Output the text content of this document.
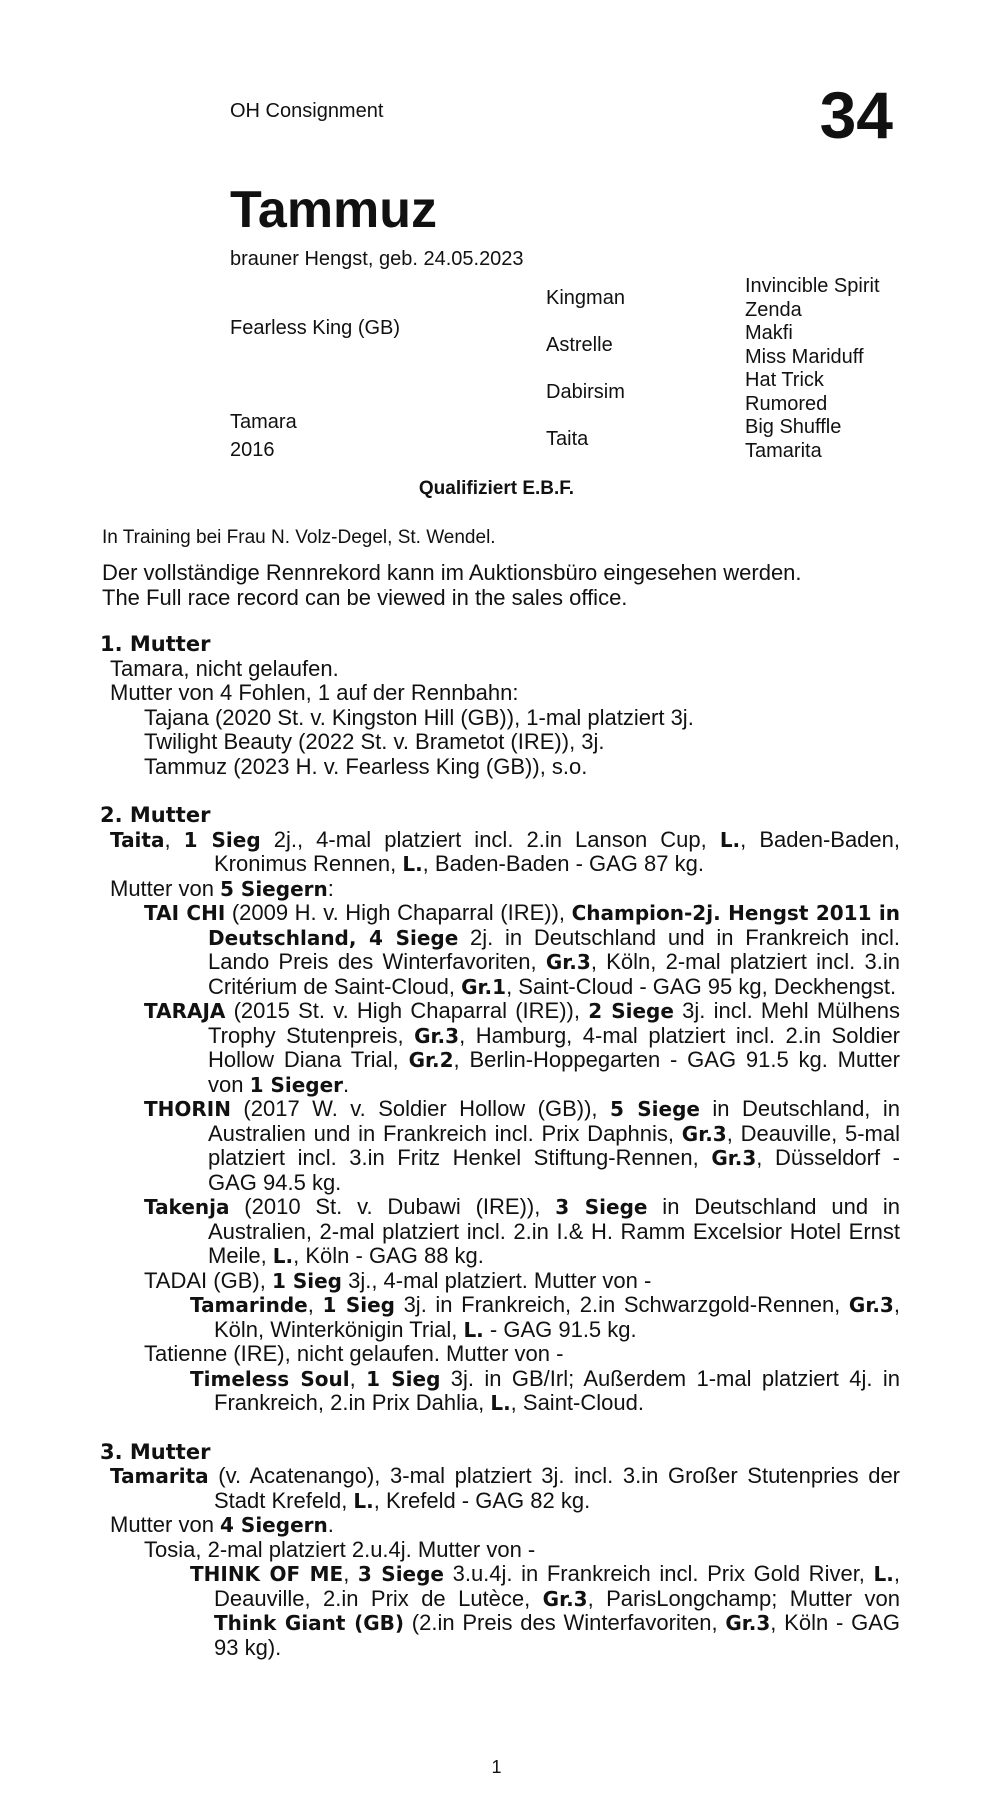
OH Consignment	34
Tammuz
brauner Hengst, geb. 24.05.2023
Fearless King (GB)
Tamara
2016
Kingman
Astrelle
Dabirsim
Taita
Invincible Spirit
Zenda
Makfi
Miss Mariduff
Hat Trick
Rumored
Big Shuffle
Tamarita
Qualifiziert E.B.F.
In Training bei Frau N. Volz-Degel, St. Wendel.
Der vollständige Rennrekord kann im Auktionsbüro eingesehen werden.
The Full race record can be viewed in the sales office.
1. Mutter
Tamara, nicht gelaufen.
Mutter von 4 Fohlen, 1 auf der Rennbahn:
Tajana (2020 St. v. Kingston Hill (GB)), 1-mal platziert 3j.
Twilight Beauty (2022 St. v. Brametot (IRE)), 3j.
Tammuz (2023 H. v. Fearless King (GB)), s.o.
2. Mutter
Taita, 1 Sieg 2j., 4-mal platziert incl. 2.in Lanson Cup, L., Baden-Baden, Kronimus Rennen, L., Baden-Baden - GAG 87 kg.
Mutter von 5 Siegern:
TAI CHI (2009 H. v. High Chaparral (IRE)), Champion-2j. Hengst 2011 in Deutschland, 4 Siege 2j. in Deutschland und in Frankreich incl. Lando Preis des Winterfavoriten, Gr.3, Köln, 2-mal platziert incl. 3.in Critérium de Saint-Cloud, Gr.1, Saint-Cloud - GAG 95 kg, Deckhengst.
TARAJA (2015 St. v. High Chaparral (IRE)), 2 Siege 3j. incl. Mehl Mülhens Trophy Stutenpreis, Gr.3, Hamburg, 4-mal platziert incl. 2.in Soldier Hollow Diana Trial, Gr.2, Berlin-Hoppegarten - GAG 91.5 kg. Mutter von 1 Sieger.
THORIN (2017 W. v. Soldier Hollow (GB)), 5 Siege in Deutschland, in Australien und in Frankreich incl. Prix Daphnis, Gr.3, Deauville, 5-mal platziert incl. 3.in Fritz Henkel Stiftung-Rennen, Gr.3, Düsseldorf - GAG 94.5 kg.
Takenja (2010 St. v. Dubawi (IRE)), 3 Siege in Deutschland und in Australien, 2-mal platziert incl. 2.in I.& H. Ramm Excelsior Hotel Ernst Meile, L., Köln - GAG 88 kg.
TADAI (GB), 1 Sieg 3j., 4-mal platziert. Mutter von -
Tamarinde, 1 Sieg 3j. in Frankreich, 2.in Schwarzgold-Rennen, Gr.3, Köln, Winterkönigin Trial, L. - GAG 91.5 kg.
Tatienne (IRE), nicht gelaufen. Mutter von -
Timeless Soul, 1 Sieg 3j. in GB/Irl; Außerdem 1-mal platziert 4j. in Frankreich, 2.in Prix Dahlia, L., Saint-Cloud.
3. Mutter
Tamarita (v. Acatenango), 3-mal platziert 3j. incl. 3.in Großer Stutenpries der Stadt Krefeld, L., Krefeld - GAG 82 kg.
Mutter von 4 Siegern.
Tosia, 2-mal platziert 2.u.4j. Mutter von -
THINK OF ME, 3 Siege 3.u.4j. in Frankreich incl. Prix Gold River, L., Deauville, 2.in Prix de Lutèce, Gr.3, ParisLongchamp; Mutter von Think Giant (GB) (2.in Preis des Winterfavoriten, Gr.3, Köln - GAG 93 kg).
1
